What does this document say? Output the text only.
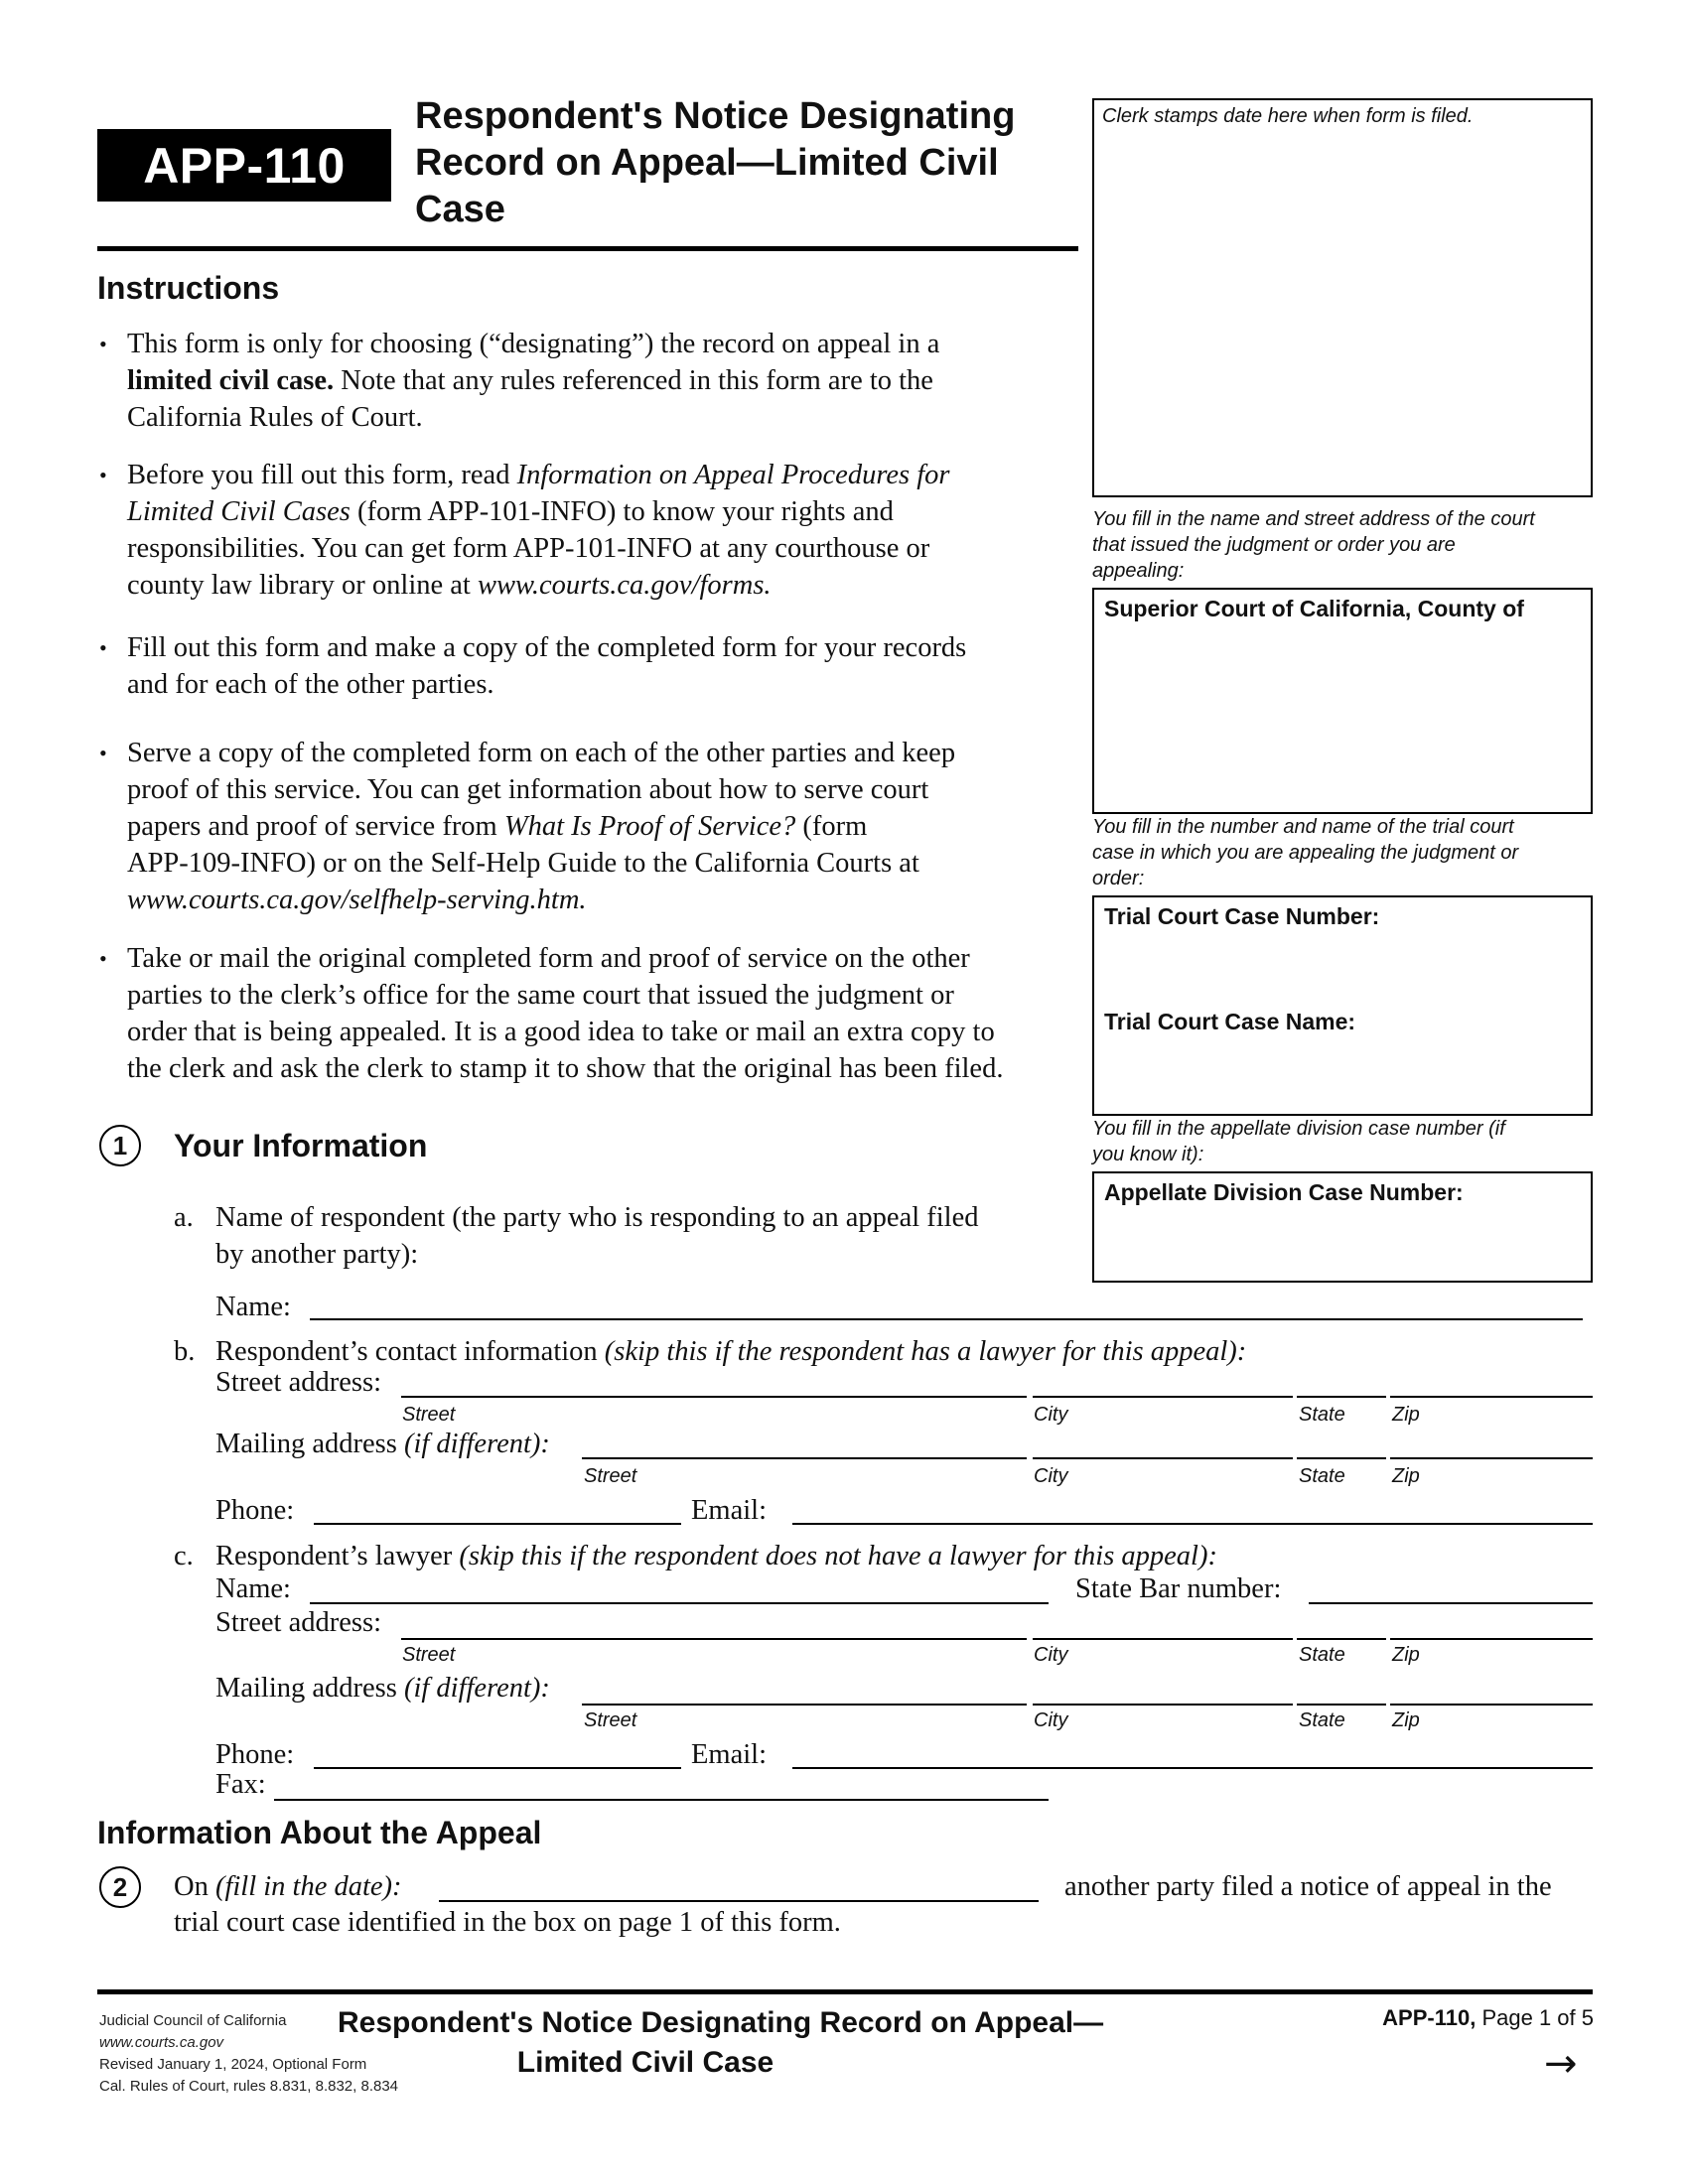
APP-110
Respondent's Notice Designating
Record on Appeal—Limited Civil
Case
Clerk stamps date here when form is filed.
You fill in the name and street address of the court
that issued the judgment or order you are
appealing:
Superior Court of California, County of
You fill in the number and name of the trial court
case in which you are appealing the judgment or
order:
Trial Court Case Number:
Trial Court Case Name:
You fill in the appellate division case number (if
you know it):
Appellate Division Case Number:
Instructions
• This form is only for choosing (“designating”) the record on appeal in a
limited civil case. Note that any rules referenced in this form are to the
California Rules of Court.
• Before you fill out this form, read Information on Appeal Procedures for
Limited Civil Cases (form APP-101-INFO) to know your rights and
responsibilities. You can get form APP-101-INFO at any courthouse or
county law library or online at www.courts.ca.gov/forms.
• Fill out this form and make a copy of the completed form for your records
and for each of the other parties.
• Serve a copy of the completed form on each of the other parties and keep
proof of this service. You can get information about how to serve court
papers and proof of service from What Is Proof of Service? (form
APP-109-INFO) or on the Self-Help Guide to the California Courts at
www.courts.ca.gov/selfhelp-serving.htm.
• Take or mail the original completed form and proof of service on the other
parties to the clerk’s office for the same court that issued the judgment or
order that is being appealed. It is a good idea to take or mail an extra copy to
the clerk and ask the clerk to stamp it to show that the original has been filed.
1	Your Information
a. Name of respondent (the party who is responding to an appeal filed
by another party):
Name:
b. Respondent’s contact information (skip this if the respondent has a lawyer for this appeal):
Street address:
Street	City	State Zip
Mailing address (if different):
Street	City	State Zip
Phone:	Email:
c. Respondent’s lawyer (skip this if the respondent does not have a lawyer for this appeal):
Name:	State Bar number:
Street address:
Street	City	State Zip
Mailing address (if different):
Street	City	State Zip
Phone:	Email:
Fax:
Information About the Appeal
2	On (fill in the date):	another party filed a notice of appeal in the
trial court case identified in the box on page 1 of this form.
Judicial Council of California
www.courts.ca.gov
Revised January 1, 2024, Optional Form
Cal. Rules of Court, rules 8.831, 8.832, 8.834
Respondent's Notice Designating Record on Appeal—
Limited Civil Case
APP-110, Page 1 of 5
→
